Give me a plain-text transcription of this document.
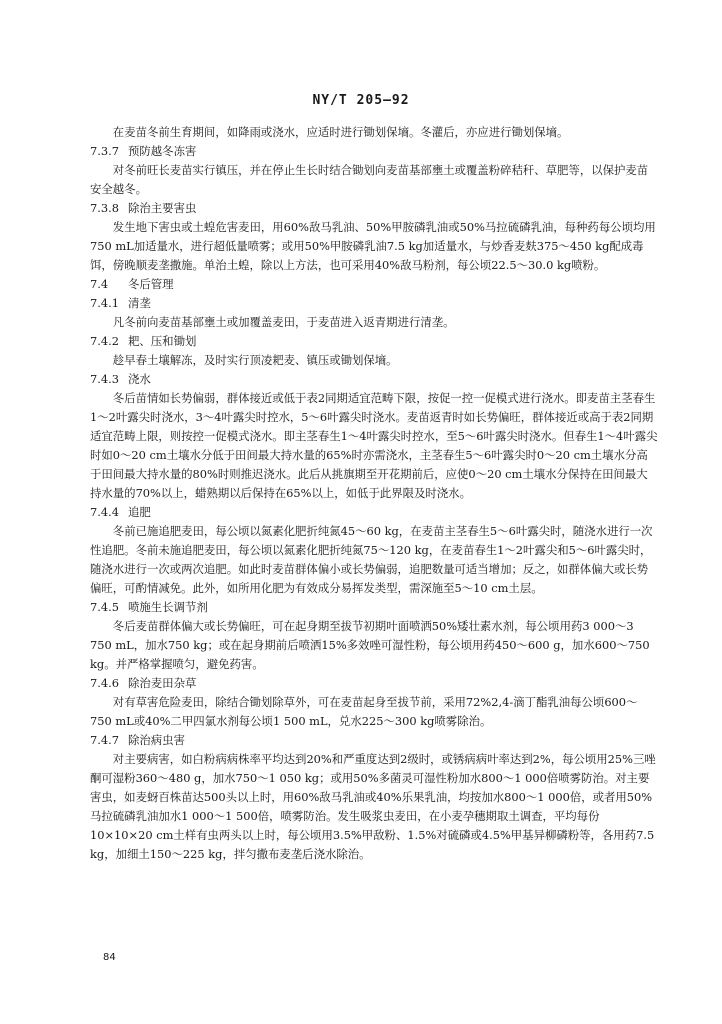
NY/T 205—92

在麦苗冬前生育期间，如降雨或浇水，应适时进行锄划保墒。冬灌后，亦应进行锄划保墒。

7.3.7 预防越冬冻害

对冬前旺长麦苗实行镇压，并在停止生长时结合锄划向麦苗基部壅土或覆盖粉碎秸秆、草肥等，以保护麦苗安全越冬。

7.3.8 除治主要害虫

发生地下害虫或土蝗危害麦田，用60%敌马乳油、50%甲胺磷乳油或50%马拉硫磷乳油，每种药每公顷均用750 mL加适量水，进行超低量喷雾；或用50%甲胺磷乳油7.5 kg加适量水，与炒香麦麸375～450 kg配成毒饵，傍晚顺麦垄撒施。单治土蝗，除以上方法，也可采用40%敌马粉剂，每公顷22.5～30.0 kg喷粉。

7.4	冬后管理
7.4.1 清垄

凡冬前向麦苗基部壅土或加覆盖麦田，于麦苗进入返青期进行清垄。

7.4.2 耙、压和锄划

趁早春土壤解冻，及时实行顶凌耙麦、镇压或锄划保墒。

7.4.3 浇水

冬后苗情如长势偏弱，群体接近或低于表2同期适宜范畴下限，按促一控一促模式进行浇水。即麦苗主茎春生1～2叶露尖时浇水，3～4叶露尖时控水，5～6叶露尖时浇水。麦苗返青时如长势偏旺，群体接近或高于表2同期适宜范畴上限，则按控一促模式浇水。即主茎春生1～4叶露尖时控水，至5～6叶露尖时浇水。但春生1～4叶露尖时如0～20 cm土壤水分低于田间最大持水量的65%时亦需浇水，主茎春生5～6叶露尖时0～20 cm土壤水分高于田间最大持水量的80%时则推迟浇水。此后从挑旗期至开花期前后，应使0～20 cm土壤水分保持在田间最大持水量的70%以上，蜡熟期以后保持在65%以上，如低于此界限及时浇水。

7.4.4 追肥

冬前已施追肥麦田，每公顷以氮素化肥折纯氮45～60 kg，在麦苗主茎春生5～6叶露尖时，随浇水进行一次性追肥。冬前未施追肥麦田，每公顷以氮素化肥折纯氮75～120 kg，在麦苗春生1～2叶露尖和5～6叶露尖时，随浇水进行一次或两次追肥。如此时麦苗群体偏小或长势偏弱，追肥数量可适当增加；反之，如群体偏大或长势偏旺，可酌情减免。此外，如所用化肥为有效成分易挥发类型，需深施至5～10 cm土层。

7.4.5 喷施生长调节剂

冬后麦苗群体偏大或长势偏旺，可在起身期至拔节初期叶面喷洒50%矮壮素水剂，每公顷用药3 000～3 750 mL，加水750 kg；或在起身期前后喷洒15%多效唑可湿性粉，每公顷用药450～600 g，加水600～750 kg。并严格掌握喷匀，避免药害。

7.4.6 除治麦田杂草

对有草害危险麦田，除结合锄划除草外，可在麦苗起身至拔节前，采用72%2,4-滴丁酯乳油每公顷600～750 mL或40%二甲四氯水剂每公顷1 500 mL，兑水225～300 kg喷雾除治。

7.4.7 除治病虫害

对主要病害，如白粉病病株率平均达到20%和严重度达到2级时，或锈病病叶率达到2%，每公顷用25%三唑酮可湿粉360～480 g，加水750～1 050 kg；或用50%多菌灵可湿性粉加水800～1 000倍喷雾防治。对主要害虫，如麦蚜百株苗达500头以上时，用60%敌马乳油或40%乐果乳油，均按加水800～1 000倍，或者用50%马拉硫磷乳油加水1 000～1 500倍，喷雾防治。发生吸浆虫麦田，在小麦孕穗期取土调查，平均每份10×10×20 cm土样有虫两头以上时，每公顷用3.5%甲敌粉、1.5%对硫磷或4.5%甲基异柳磷粉等，各用药7.5 kg，加细土150～225 kg，拌匀撒布麦垄后浇水除治。

84
